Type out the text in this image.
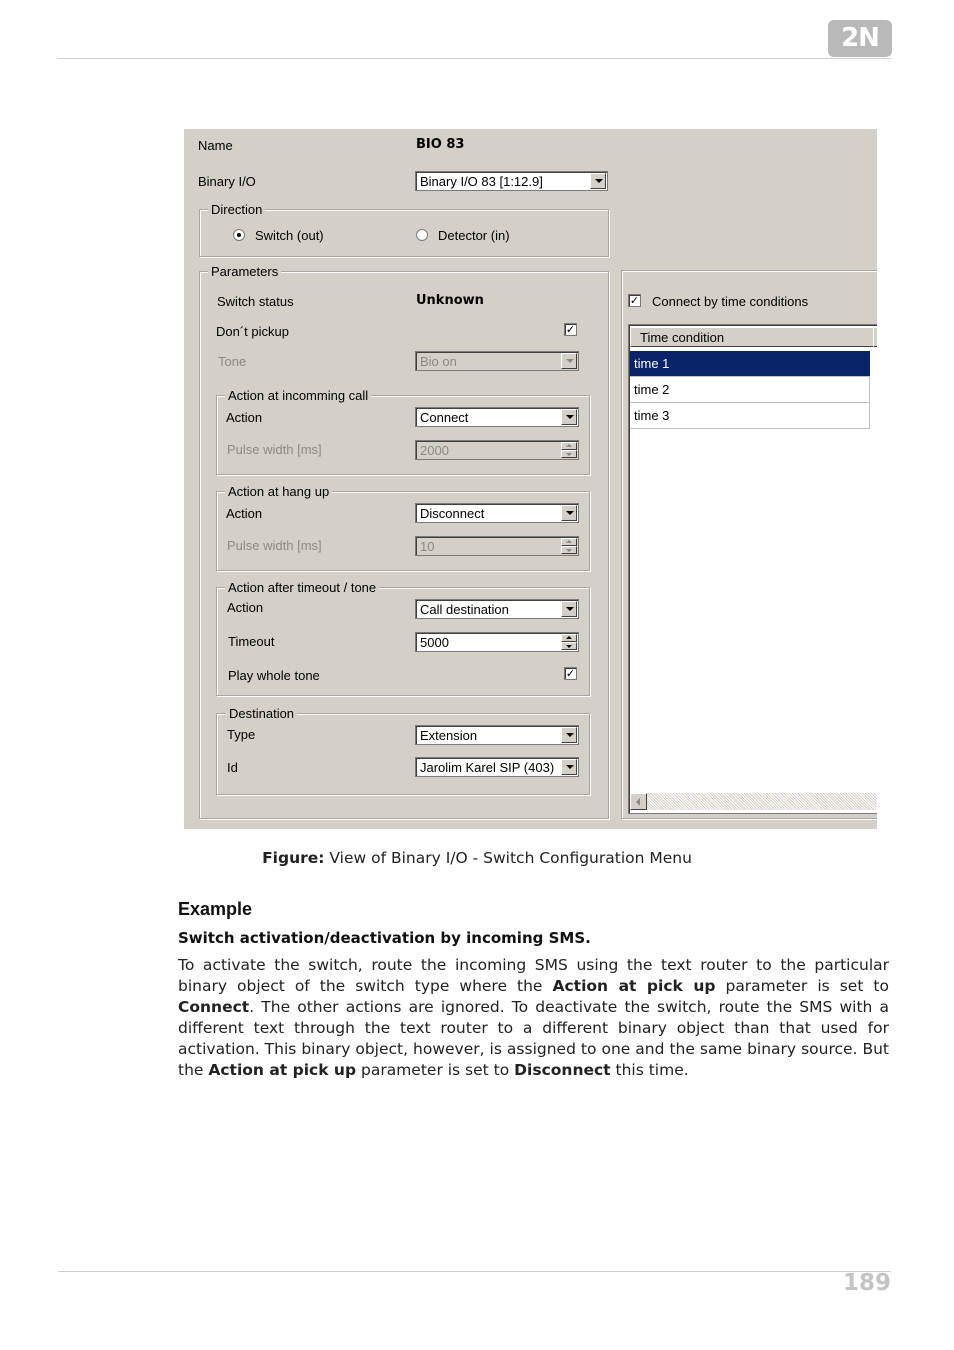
2N
Name	BIO 83
Binary I/O	Binary I/O 83 [1:12.9]
Direction
Switch (out)	Detector (in)
Parameters
Switch status	Unknown
Don´t pickup	✓
Tone	Bio on
Action at incomming call
Action	Connect
Pulse width [ms]	2000
Action at hang up
Action	Disconnect
Pulse width [ms]	10
Action after timeout / tone
Action	Call destination
Timeout	5000
Play whole tone	✓
Destination
Type	Extension
Id	Jarolim Karel SIP (403)
✓ Connect by time conditions
Time condition
time 1
time 2
time 3
Figure: View of Binary I/O - Switch Configuration Menu
Example
Switch activation/deactivation by incoming SMS.
To activate the switch, route the incoming SMS using the text router to the particular binary object of the switch type where the Action at pick up parameter is set to Connect. The other actions are ignored. To deactivate the switch, route the SMS with a different text through the text router to a different binary object than that used for activation. This binary object, however, is assigned to one and the same binary source. But the Action at pick up parameter is set to Disconnect this time.
189
